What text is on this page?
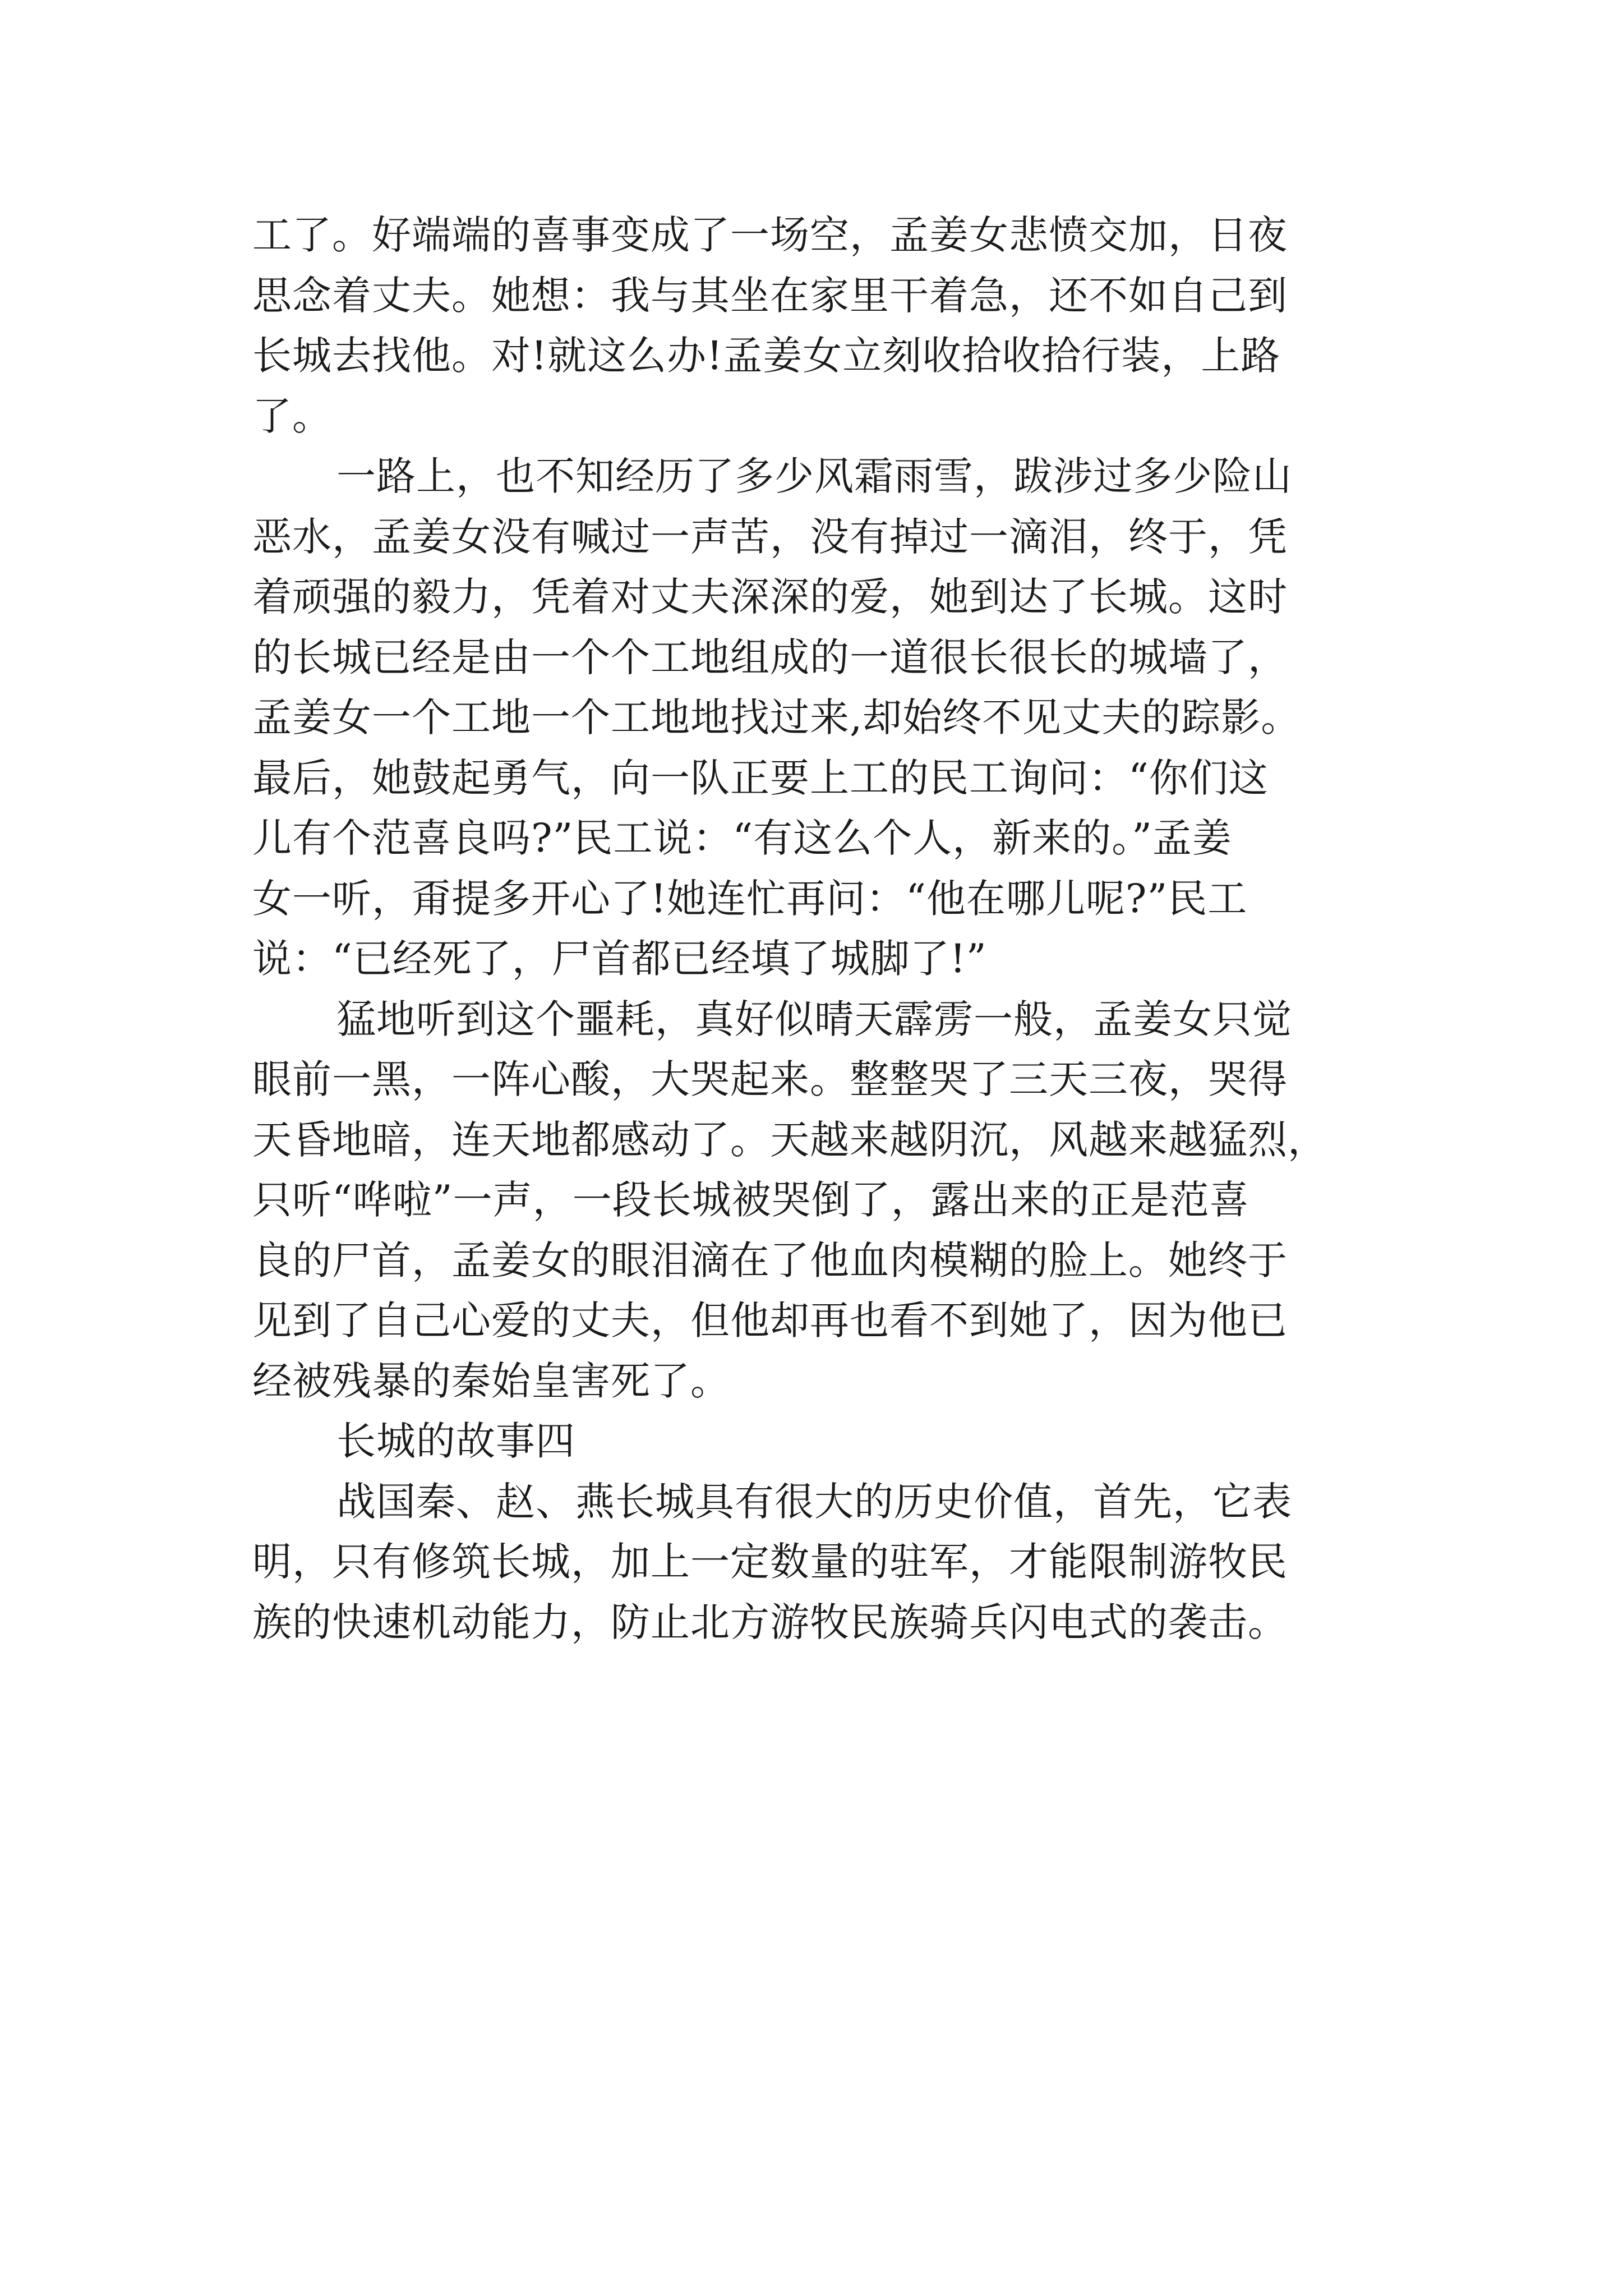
工了。好端端的喜事变成了一场空，孟姜女悲愤交加，日夜
思念着丈夫。她想：我与其坐在家里干着急，还不如自己到
长城去找他。对!就这么办!孟姜女立刻收拾收拾行装，上路
了。
一路上，也不知经历了多少风霜雨雪，跋涉过多少险山
恶水，孟姜女没有喊过一声苦，没有掉过一滴泪，终于，凭
着顽强的毅力，凭着对丈夫深深的爱，她到达了长城。这时
的长城已经是由一个个工地组成的一道很长很长的城墙了，
孟姜女一个工地一个工地地找过来,却始终不见丈夫的踪影。
最后，她鼓起勇气，向一队正要上工的民工询问：“你们这
儿有个范喜良吗?”民工说：“有这么个人，新来的。”孟姜
女一听，甭提多开心了!她连忙再问：“他在哪儿呢?”民工
说：“已经死了，尸首都已经填了城脚了!”
猛地听到这个噩耗，真好似晴天霹雳一般，孟姜女只觉
眼前一黑，一阵心酸，大哭起来。整整哭了三天三夜，哭得
天昏地暗，连天地都感动了。天越来越阴沉，风越来越猛烈，
只听“哗啦”一声，一段长城被哭倒了，露出来的正是范喜
良的尸首，孟姜女的眼泪滴在了他血肉模糊的脸上。她终于
见到了自己心爱的丈夫，但他却再也看不到她了，因为他已
经被残暴的秦始皇害死了。
长城的故事四
战国秦、赵、燕长城具有很大的历史价值，首先，它表
明，只有修筑长城，加上一定数量的驻军，才能限制游牧民
族的快速机动能力，防止北方游牧民族骑兵闪电式的袭击。
